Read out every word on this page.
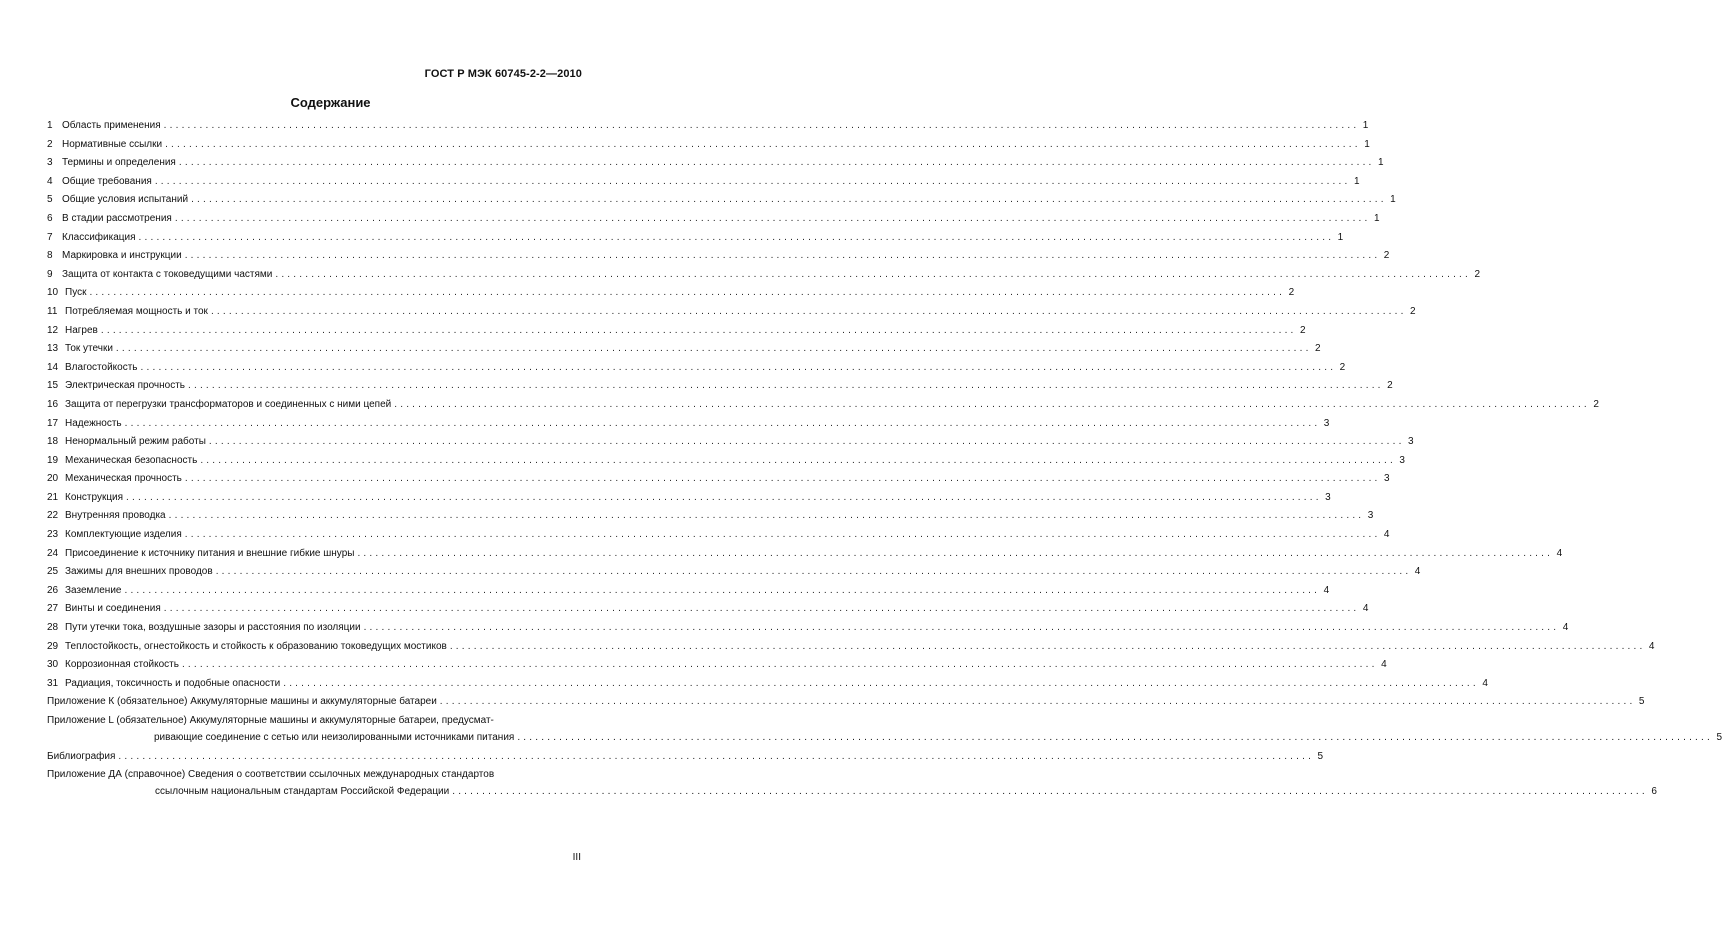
ГОСТ Р МЭК 60745-2-2—2010
Содержание
1 Область применения ........................................................................................................................................................................................................ 1
2 Нормативные ссылки ........................................................................................................................................................................................................ 1
3 Термины и определения ........................................................................................................................................................................................................ 1
4 Общие требования ........................................................................................................................................................................................................ 1
5 Общие условия испытаний ........................................................................................................................................................................................................ 1
6 В стадии рассмотрения ........................................................................................................................................................................................................ 1
7 Классификация ........................................................................................................................................................................................................ 1
8 Маркировка и инструкции ........................................................................................................................................................................................................ 2
9 Защита от контакта с токоведущими частями ........................................................................................................................................................................................................ 2
10 Пуск ........................................................................................................................................................................................................ 2
11 Потребляемая мощность и ток ........................................................................................................................................................................................................ 2
12 Нагрев ........................................................................................................................................................................................................ 2
13 Ток утечки ........................................................................................................................................................................................................ 2
14 Влагостойкость ........................................................................................................................................................................................................ 2
15 Электрическая прочность ........................................................................................................................................................................................................ 2
16 Защита от перегрузки трансформаторов и соединенных с ними цепей ........................................................................................................................................................................................................ 2
17 Надежность ........................................................................................................................................................................................................ 3
18 Ненормальный режим работы ........................................................................................................................................................................................................ 3
19 Механическая безопасность ........................................................................................................................................................................................................ 3
20 Механическая прочность ........................................................................................................................................................................................................ 3
21 Конструкция ........................................................................................................................................................................................................ 3
22 Внутренняя проводка ........................................................................................................................................................................................................ 3
23 Комплектующие изделия ........................................................................................................................................................................................................ 4
24 Присоединение к источнику питания и внешние гибкие шнуры ........................................................................................................................................................................................................ 4
25 Зажимы для внешних проводов ........................................................................................................................................................................................................ 4
26 Заземление ........................................................................................................................................................................................................ 4
27 Винты и соединения ........................................................................................................................................................................................................ 4
28 Пути утечки тока, воздушные зазоры и расстояния по изоляции ........................................................................................................................................................................................................ 4
29 Теплостойкость, огнестойкость и стойкость к образованию токоведущих мостиков ........................................................................................................................................................................................................ 4
30 Коррозионная стойкость ........................................................................................................................................................................................................ 4
31 Радиация, токсичность и подобные опасности ........................................................................................................................................................................................................ 4
Приложение К (обязательное) Аккумуляторные машины и аккумуляторные батареи ........................................................................................................................................................................................................ 5
Приложение L (обязательное) Аккумуляторные машины и аккумуляторные батареи, предусмат-
ривающие соединение с сетью или неизолированными источниками питания ........................................................................................................................................................................................................ 5
Библиография ........................................................................................................................................................................................................ 5
Приложение ДА (справочное) Сведения о соответствии ссылочных международных стандартов
ссылочным национальным стандартам Российской Федерации ........................................................................................................................................................................................................ 6
III
